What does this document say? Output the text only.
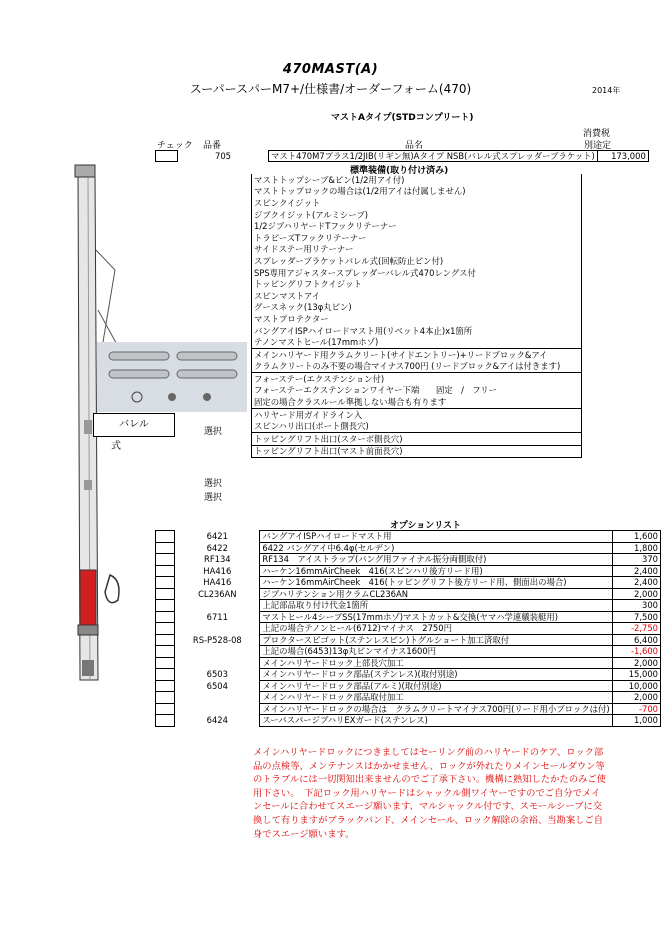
バレル
式
470MAST(A)
スーパースパーM7+/仕様書/オーダーフォーム(470)	2014年
マストAタイプ(STDコンプリート)
チェック 品番	品名
消費税
別途定
	705	マスト470M7プラス1/2JIB(リギン無)Aタイプ NSB(バレル式スプレッダーブラケット)	173,000
標準装備(取り付け済み)
マストトップシーブ&ピン(1/2用アイ付)
マストトップロックの場合は(1/2用アイは付属しません)
スピンクイジット
ジブクイジット(アルミシーブ)
1/2ジブハリヤードTフックリテーナー
トラピーズTフックリテーナー
サイドステー用リテーナー
スプレッダーブラケットバレル式(回転防止ピン付)
SPS専用アジャスタースプレッダーバレル式470レングス付
トッピングリフトクイジット
スピンマストアイ
グースネック(13φ丸ピン)
マストプロテクター
バングアイISPハイロードマスト用(リベット4本止)x1箇所
テノンマストヒール(17mmホゾ)
メインハリヤード用クラムクリート(サイドエントリー)+リードブロック&アイ
クラムクリートのみ不要の場合マイナス700円 (リードブロック&アイは付きます)
フォーステー(エクステンション付)
フォーステーエクステンションワイヤー下端　　固定　/　フリー
固定の場合クラスルール準拠しない場合も有ります
ハリヤード用ガイドライン入
スピンハリ出口(ポート側長穴)
トッピングリフト出口(スターボ側長穴)
トッピングリフト出口(マスト前面長穴)
選択
選択
選択
オプションリスト
	6421	バングアイISPハイロードマスト用	1,600
	6422	6422 バングアイ中6.4φ(セルデン)	1,800
	RF134	RF134　アイストラップ(バング用ファイナル振分両側取付)	370
	HA416	ハーケン16mmAirCheek　416(スピンハリ後方リード用)	2,400
	HA416	ハーケン16mmAirCheek　416(トッピングリフト後方リード用、側面出の場合)	2,400
	CL236AN	ジブハリテンション用クラムCL236AN	2,000
		上記部品取り付け代金1箇所	300
	6711	マストヒール4シーブSS(17mmホゾ)マストカット&交換(ヤマハ学連艤装艇用)	7,500
		上記の場合テノンヒール(6712)マイナス　2750円	-2,750
	RS-P528-08	プロクタースピゴット(ステンレスピン)トグルショート加工済取付	6,400
		上記の場合(6453)13φ丸ピンマイナス1600円	-1,600
		メインハリヤードロック上部長穴加工	2,000
	6503	メインハリヤードロック部品(ステンレス)(取付別途)	15,000
	6504	メインハリヤードロック部品(アルミ)(取付別途)	10,000
		メインハリヤードロック部品取付加工	2,000
		メインハリヤードロックの場合は　クラムクリートマイナス700円(リード用小ブロックは付)	-700
	6424	スーパスパージブハリEXガード(ステンレス)	1,000
メインハリヤードロックにつきましてはセーリング前のハリヤードのケア、ロック部品の点検等、メンテナンスはかかせません、ロックが外れたりメインセールダウン等のトラブルには一切関知出来ませんのでご了承下さい。機構に熟知したかたのみご使用下さい。　下記ロック用ハリヤードはシャックル側ワイヤーですのでご自分でメインセールに合わせてスエージ願います、マルシャックル付です、スモールシーブに交換して有りますがブラックバンド、メインセール、ロック解除の余裕、当勘案しご自身でスエージ願います。
